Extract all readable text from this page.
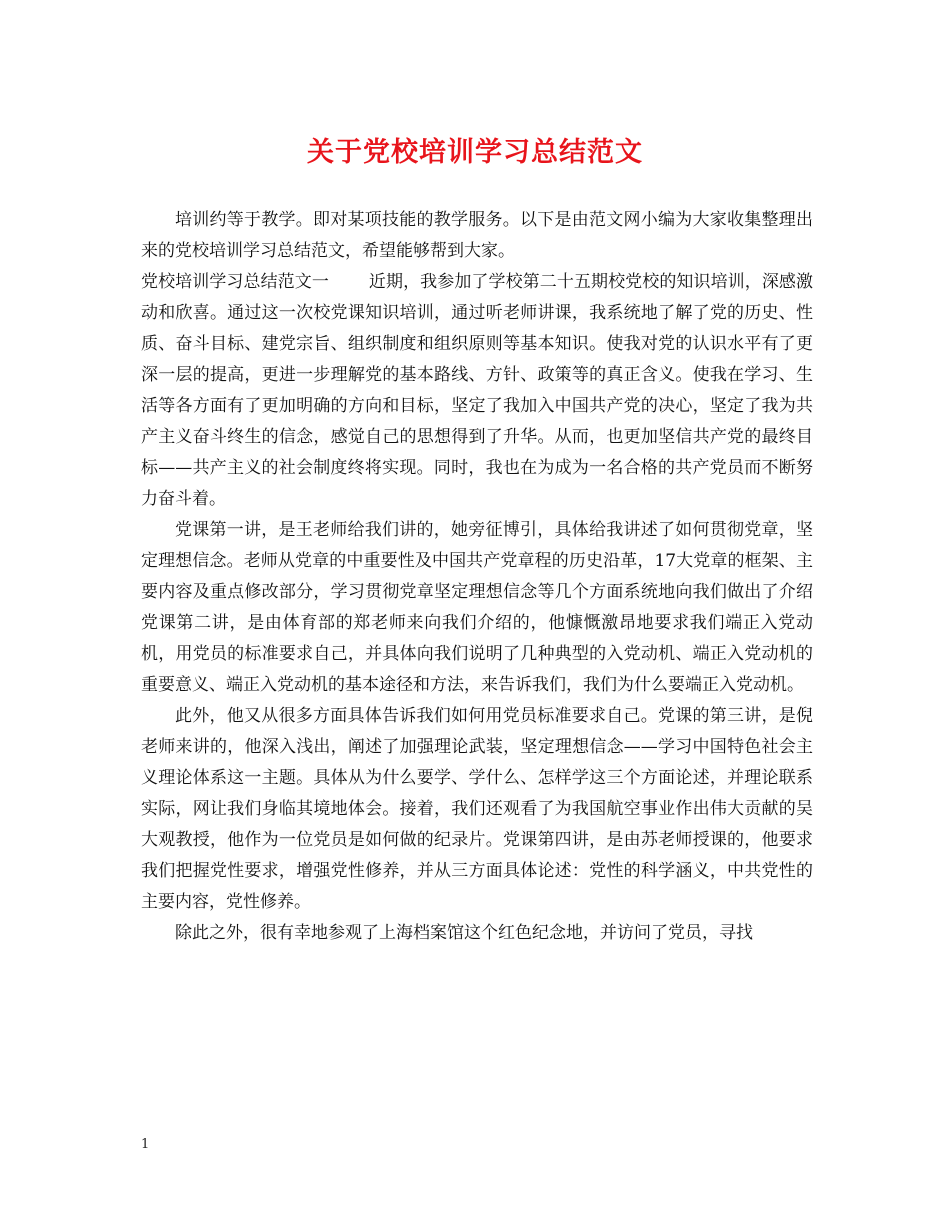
关于党校培训学习总结范文

培训约等于教学。即对某项技能的教学服务。以下是由范文网小编为大家收集整理出来的党校培训学习总结范文，希望能够帮到大家。

党校培训学习总结范文一 近期，我参加了学校第二十五期校党校的知识培训，深感激动和欣喜。通过这一次校党课知识培训，通过听老师讲课，我系统地了解了党的历史、性质、奋斗目标、建党宗旨、组织制度和组织原则等基本知识。使我对党的认识水平有了更深一层的提高，更进一步理解党的基本路线、方针、政策等的真正含义。使我在学习、生活等各方面有了更加明确的方向和目标，坚定了我加入中国共产党的决心，坚定了我为共产主义奋斗终生的信念，感觉自己的思想得到了升华。从而，也更加坚信共产党的最终目标——共产主义的社会制度终将实现。同时，我也在为成为一名合格的共产党员而不断努力奋斗着。

党课第一讲，是王老师给我们讲的，她旁征博引，具体给我讲述了如何贯彻党章，坚定理想信念。老师从党章的中重要性及中国共产党章程的历史沿革，17大党章的框架、主要内容及重点修改部分，学习贯彻党章坚定理想信念等几个方面系统地向我们做出了介绍党课第二讲，是由体育部的郑老师来向我们介绍的，他慷慨激昂地要求我们端正入党动机，用党员的标准要求自己，并具体向我们说明了几种典型的入党动机、端正入党动机的重要意义、端正入党动机的基本途径和方法，来告诉我们，我们为什么要端正入党动机。

此外，他又从很多方面具体告诉我们如何用党员标准要求自己。党课的第三讲，是倪老师来讲的，他深入浅出，阐述了加强理论武装，坚定理想信念——学习中国特色社会主义理论体系这一主题。具体从为什么要学、学什么、怎样学这三个方面论述，并理论联系实际，网让我们身临其境地体会。接着，我们还观看了为我国航空事业作出伟大贡献的吴大观教授，他作为一位党员是如何做的纪录片。党课第四讲，是由苏老师授课的，他要求我们把握党性要求，增强党性修养，并从三方面具体论述：党性的科学涵义，中共党性的主要内容，党性修养。

除此之外，很有幸地参观了上海档案馆这个红色纪念地，并访问了党员，寻找

1
